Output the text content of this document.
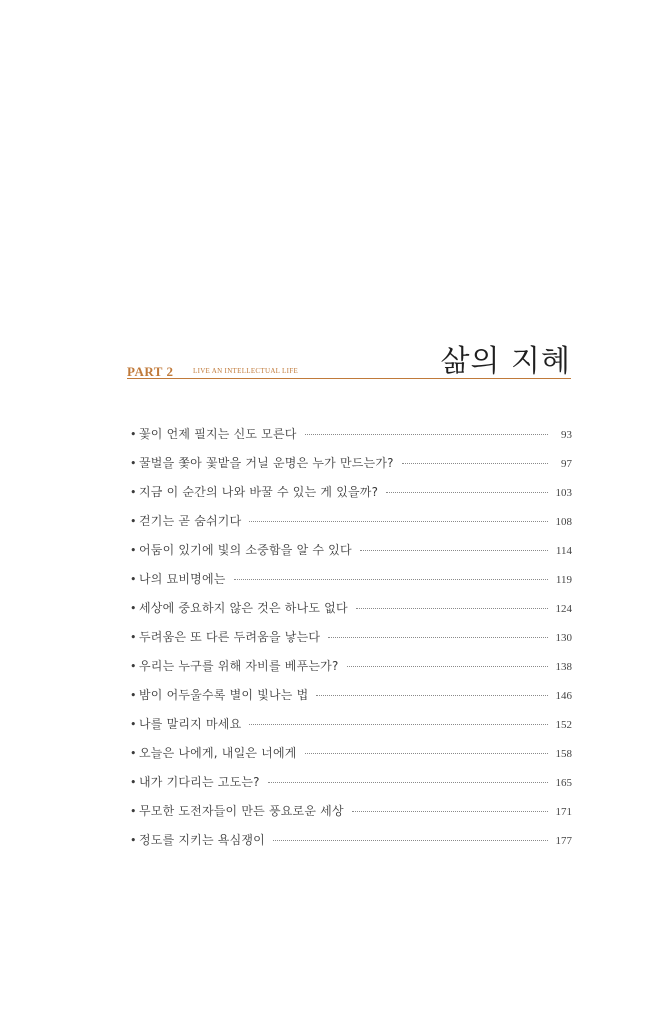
삶의 지혜
PART 2	LIVE AN INTELLECTUAL LIFE
• 꽃이 언제 필지는 신도 모른다	93
• 꿀벌을 쫓아 꽃밭을 거닐 운명은 누가 만드는가?	97
• 지금 이 순간의 나와 바꿀 수 있는 게 있을까?	103
• 걷기는 곧 숨쉬기다	108
• 어둠이 있기에 빛의 소중함을 알 수 있다	114
• 나의 묘비명에는	119
• 세상에 중요하지 않은 것은 하나도 없다	124
• 두려움은 또 다른 두려움을 낳는다	130
• 우리는 누구를 위해 자비를 베푸는가?	138
• 밤이 어두울수록 별이 빛나는 법	146
• 나를 말리지 마세요	152
• 오늘은 나에게, 내일은 너에게	158
• 내가 기다리는 고도는?	165
• 무모한 도전자들이 만든 풍요로운 세상	171
• 정도를 지키는 욕심쟁이	177
